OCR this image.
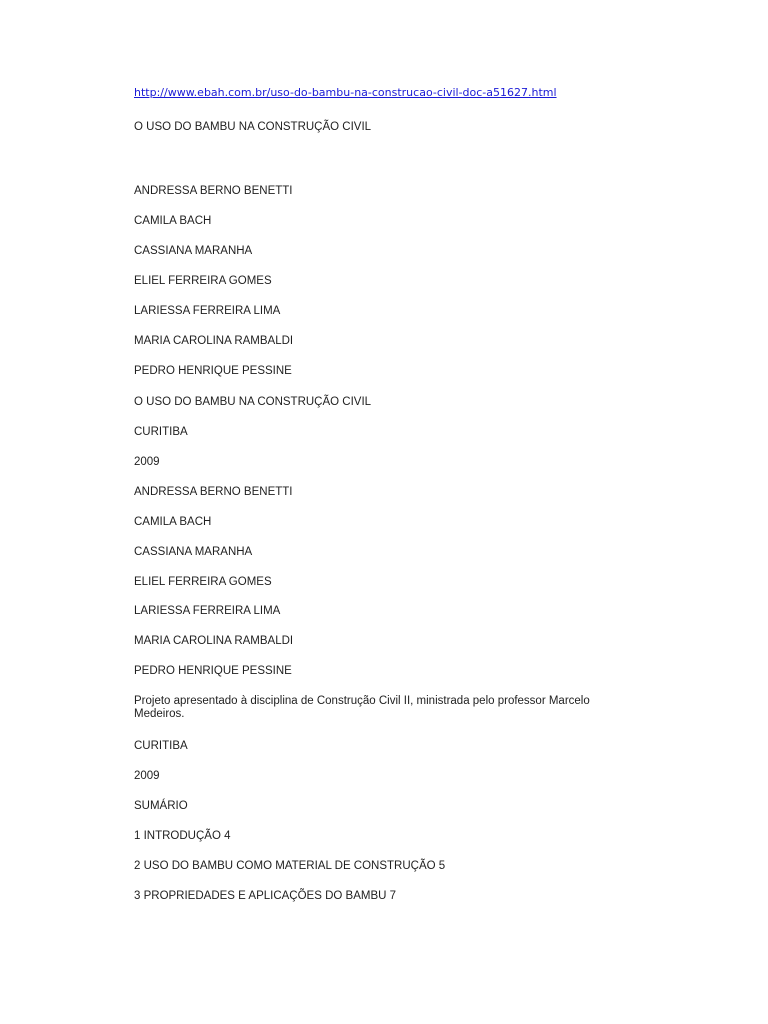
http://www.ebah.com.br/uso-do-bambu-na-construcao-civil-doc-a51627.html
O USO DO BAMBU NA CONSTRUÇÃO CIVIL
ANDRESSA BERNO BENETTI
CAMILA BACH
CASSIANA MARANHA
ELIEL FERREIRA GOMES
LARIESSA FERREIRA LIMA
MARIA CAROLINA RAMBALDI
PEDRO HENRIQUE PESSINE
O USO DO BAMBU NA CONSTRUÇÃO CIVIL
CURITIBA
2009
ANDRESSA BERNO BENETTI
CAMILA BACH
CASSIANA MARANHA
ELIEL FERREIRA GOMES
LARIESSA FERREIRA LIMA
MARIA CAROLINA RAMBALDI
PEDRO HENRIQUE PESSINE
Projeto apresentado à disciplina de Construção Civil II, ministrada pelo professor Marcelo Medeiros.
CURITIBA
2009
SUMÁRIO
1 INTRODUÇÃO 4
2 USO DO BAMBU COMO MATERIAL DE CONSTRUÇÃO 5
3 PROPRIEDADES E APLICAÇÕES DO BAMBU 7
